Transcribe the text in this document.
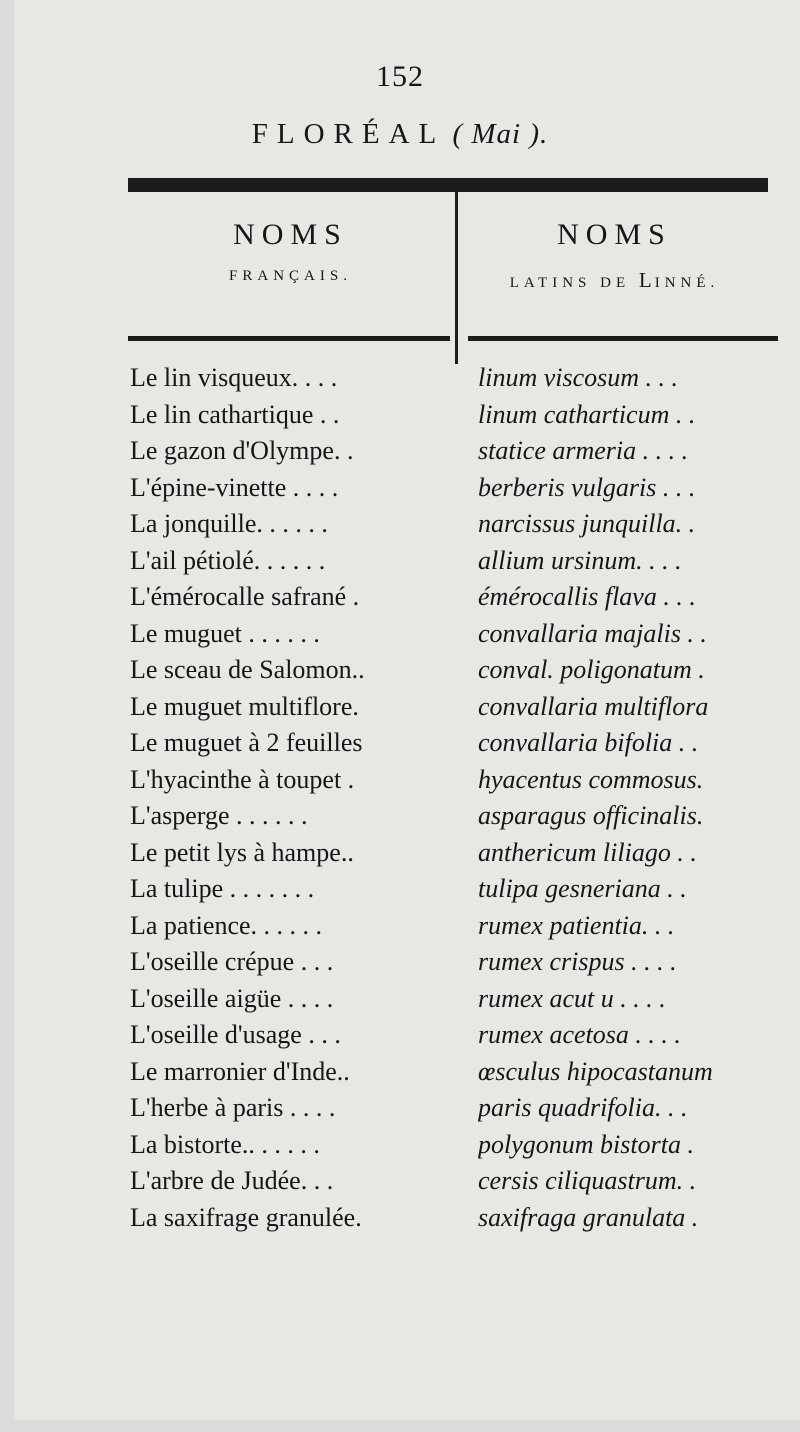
152
FLORÉAL ( Mai ).
NOMS
FRANÇAIS.
NOMS
LATINS DE LINNÉ.
Le lin visqueux. . . .	linum viscosum . . .
Le lin cathartique . .	linum catharticum . .
Le gazon d'Olympe. .	statice armeria . . . .
L'épine-vinette . . . .	berberis vulgaris . . .
La jonquille. . . . . .	narcissus junquilla. .
L'ail pétiolé. . . . . .	allium ursinum. . . .
L'émérocalle safrané .	émérocallis flava . . .
Le muguet . . . . . .	convallaria majalis . .
Le sceau de Salomon..	conval. poligonatum .
Le muguet multiflore.	convallaria multiflora
Le muguet à 2 feuilles	convallaria bifolia . .
L'hyacinthe à toupet .	hyacentus commosus.
L'asperge . . . . . .	asparagus officinalis.
Le petit lys à hampe..	anthericum liliago . .
La tulipe . . . . . . .	tulipa gesneriana . .
La patience. . . . . .	rumex patientia. . .
L'oseille crépue . . .	rumex crispus . . . .
L'oseille aigüe . . . .	rumex acut u . . . .
L'oseille d'usage . . .	rumex acetosa . . . .
Le marronier d'Inde..	œsculus hipocastanum
L'herbe à paris . . . .	paris quadrifolia. . .
La bistorte.. . . . . .	polygonum bistorta .
L'arbre de Judée. . .	cersis ciliquastrum. .
La saxifrage granulée.	saxifraga granulata .
